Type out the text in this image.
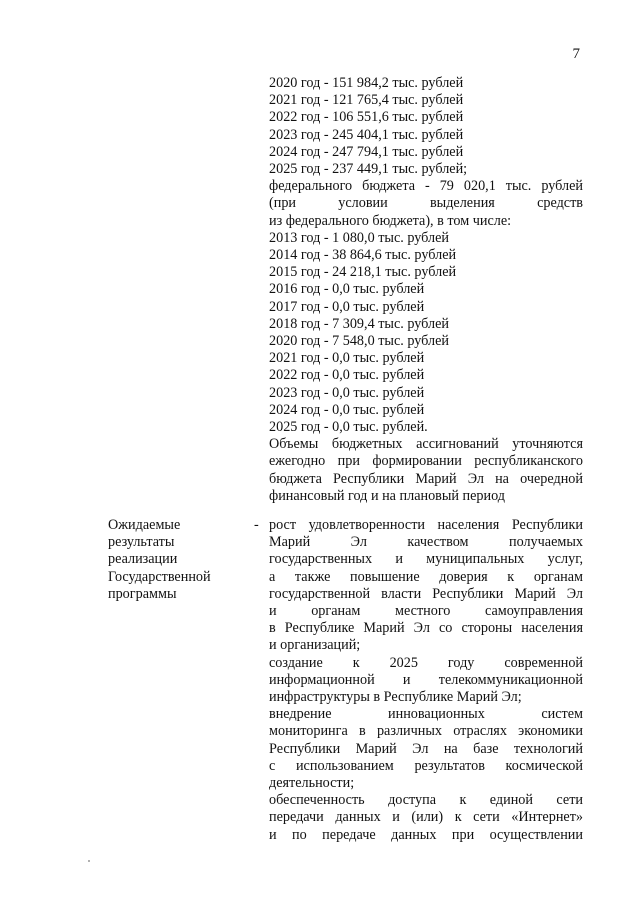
7
2020 год - 151 984,2 тыс. рублей
2021 год - 121 765,4 тыс. рублей
2022 год - 106 551,6 тыс. рублей
2023 год - 245 404,1 тыс. рублей
2024 год - 247 794,1 тыс. рублей
2025 год - 237 449,1 тыс. рублей;
федерального бюджета - 79 020,1 тыс. рублей
(при условии выделения средств
из федерального бюджета), в том числе:
2013 год - 1 080,0 тыс. рублей
2014 год - 38 864,6 тыс. рублей
2015 год - 24 218,1 тыс. рублей
2016 год - 0,0 тыс. рублей
2017 год - 0,0 тыс. рублей
2018 год - 7 309,4 тыс. рублей
2020 год - 7 548,0 тыс. рублей
2021 год - 0,0 тыс. рублей
2022 год - 0,0 тыс. рублей
2023 год - 0,0 тыс. рублей
2024 год - 0,0 тыс. рублей
2025 год - 0,0 тыс. рублей.
Объемы бюджетных ассигнований уточняются
ежегодно при формировании республиканского
бюджета Республики Марий Эл на очередной
финансовый год и на плановый период
Ожидаемые
результаты
реализации
Государственной
программы
- рост удовлетворенности населения Республики
Марий Эл качеством получаемых
государственных и муниципальных услуг,
а также повышение доверия к органам
государственной власти Республики Марий Эл
и органам местного самоуправления
в Республике Марий Эл со стороны населения
и организаций;
создание к 2025 году современной
информационной и телекоммуникационной
инфраструктуры в Республике Марий Эл;
внедрение инновационных систем
мониторинга в различных отраслях экономики
Республики Марий Эл на базе технологий
с использованием результатов космической
деятельности;
обеспеченность доступа к единой сети
передачи данных и (или) к сети «Интернет»
и по передаче данных при осуществлении
